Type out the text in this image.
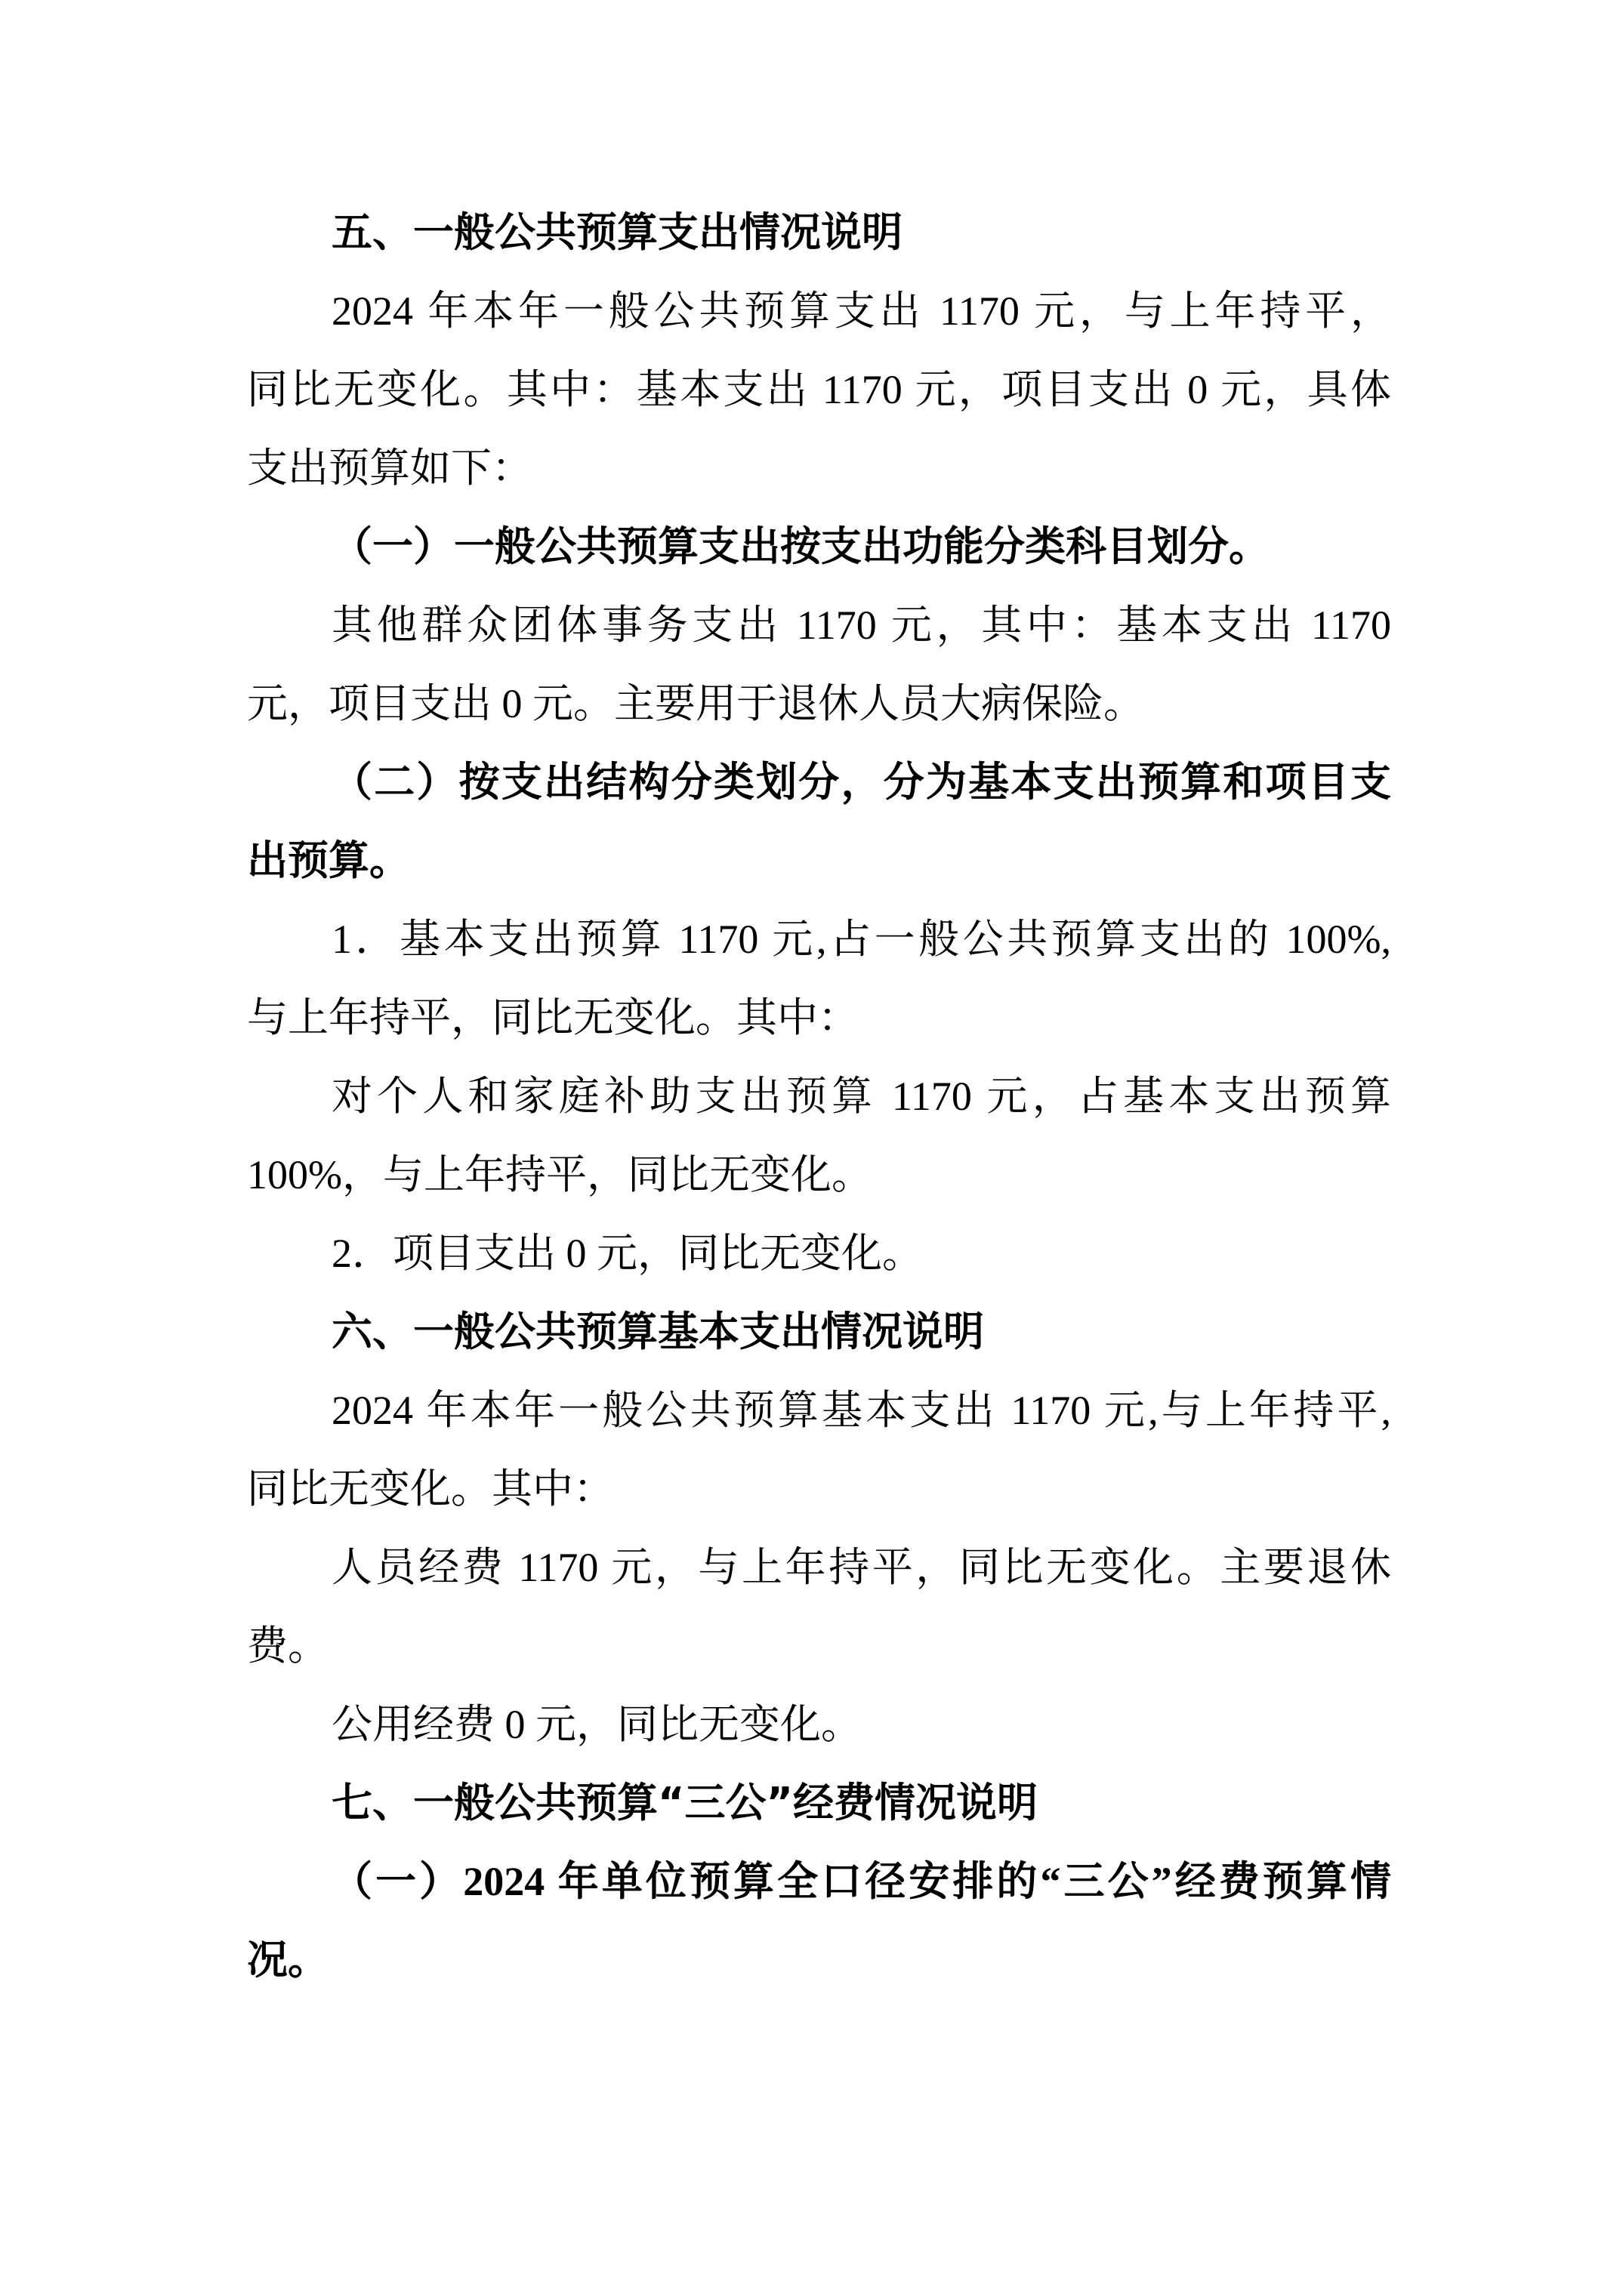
五、一般公共预算支出情况说明
2024 年本年一般公共预算支出 1170 元，与上年持平，
同比无变化。其中：基本支出 1170 元，项目支出 0 元，具体
支出预算如下：
（一）一般公共预算支出按支出功能分类科目划分。
其他群众团体事务支出 1170 元，其中：基本支出 1170
元，项目支出 0 元。主要用于退休人员大病保险。
（二）按支出结构分类划分，分为基本支出预算和项目支
出预算。
1．基本支出预算 1170 元,占一般公共预算支出的 100%,
与上年持平，同比无变化。其中：
对个人和家庭补助支出预算 1170 元，占基本支出预算
100%，与上年持平，同比无变化。
2．项目支出 0 元，同比无变化。
六、一般公共预算基本支出情况说明
2024 年本年一般公共预算基本支出 1170 元,与上年持平,
同比无变化。其中：
人员经费 1170 元，与上年持平，同比无变化。主要退休
费。
公用经费 0 元，同比无变化。
七、一般公共预算“三公”经费情况说明
（一）2024 年单位预算全口径安排的“三公”经费预算情
况。
